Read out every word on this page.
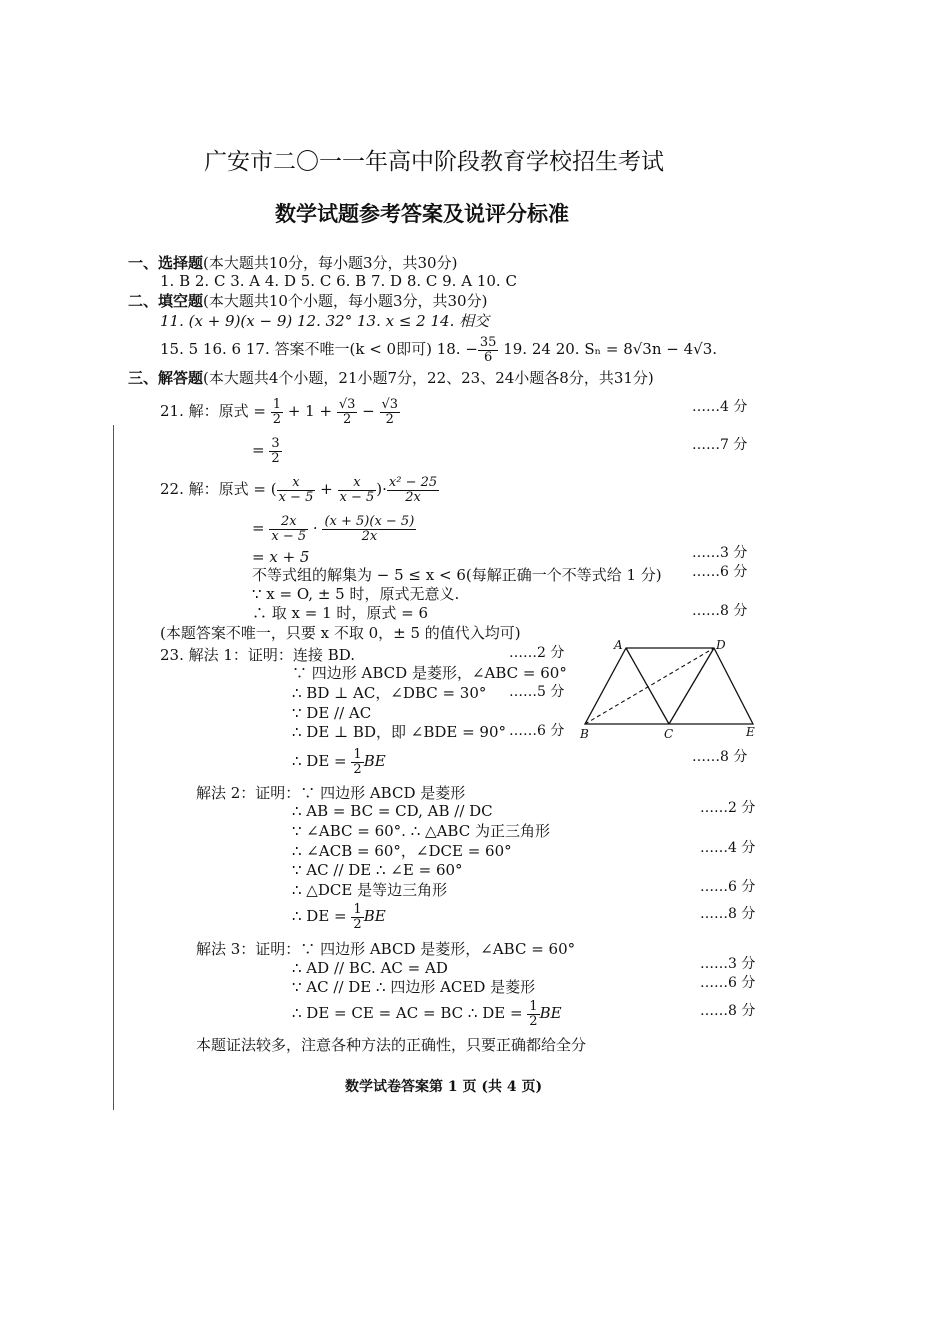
广安市二〇一一年高中阶段教育学校招生考试
数学试题参考答案及说评分标准
一、选择题(本大题共10分，每小题3分，共30分)
1. B 2. C 3. A 4. D 5. C 6. B 7. D 8. C 9. A 10. C
二、填空题(本大题共10个小题，每小题3分，共30分)
11. (x + 9)(x − 9) 12. 32° 13. x ≤ 2 14. 相交
15. 5 16. 6 17. 答案不唯一(k < 0即可) 18. − $\frac{35}{6} 19$. 24 20. Sₙ = 8√3n − 4√3.
三、解答题(本大题共4个小题，21小题7分，22、23、24小题各8分，共31分)
21. 解：原式 = $\frac{1}{2} + 1 + \frac{√3}{2} - \frac{√3}{2}$	……4 分
= $\frac{3}{2}$	……7 分
22. 解：原式 = ( $\frac{x}{x - 5} + \frac{x}{x - 5}$ )· $\frac{\text{x² − 25}}{2x}$
= $\frac{2x}{x - 5} \cdot \frac{(x + 5)(x - 5)}{2x}$
= x + 5	……3 分
不等式组的解集为 − 5 ≤ x < 6(每解正确一个不等式给 1 分) ……6 分
∵ x = O, ± 5 时，原式无意义.
∴ 取 x = 1 时，原式 = 6	……8 分
(本题答案不唯一，只要 x 不取 0，± 5 的值代入均可)
23. 解法 1：证明：连接 BD.	……2 分
∵ 四边形 ABCD 是菱形，∠ABC = 60°
∴ BD ⊥ AC，∠DBC = 30° ……5 分
∵ DE // AC
∴ DE ⊥ BD，即 ∠BDE = 90° ……6 分
∴ DE = $\frac{1}{2}$ BE	……8 分
A	D
B	C	E
解法 2：证明：∵ 四边形 ABCD 是菱形
∴ AB = BC = CD, AB // DC	……2 分
∵ ∠ABC = 60°. ∴ △ABC 为正三角形
∴ ∠ACB = 60°，∠DCE = 60°	……4 分
∵ AC // DE ∴ ∠E = 60°
∴ △DCE 是等边三角形	……6 分
∴ DE = $\frac{1}{2}$ BE	……8 分
解法 3：证明：∵ 四边形 ABCD 是菱形，∠ABC = 60°
∴ AD // BC. AC = AD	……3 分
∵ AC // DE ∴ 四边形 ACED 是菱形	……6 分
∴ DE = CE = AC = BC ∴ DE = $\frac{1}{2}$ BE	……8 分
本题证法较多，注意各种方法的正确性，只要正确都给全分
数学试卷答案第 1 页 (共 4 页)
